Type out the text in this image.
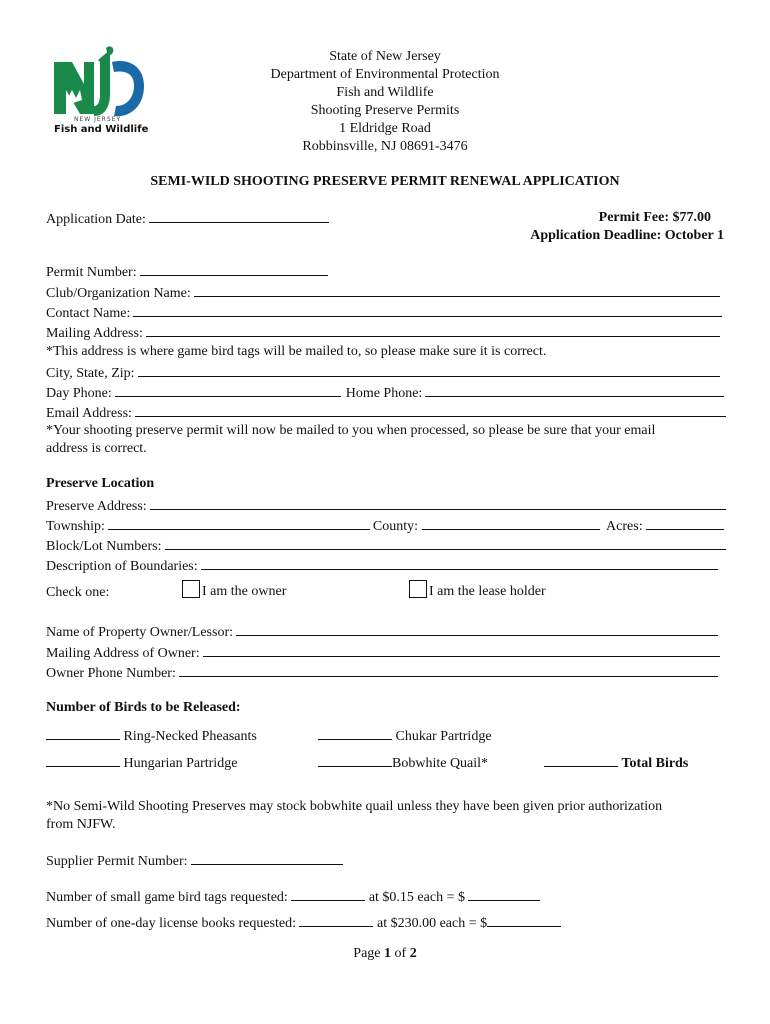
NEW JERSEY
Fish and Wildlife
State of New Jersey
Department of Environmental Protection
Fish and Wildlife
Shooting Preserve Permits
1 Eldridge Road
Robbinsville, NJ 08691-3476
SEMI-WILD SHOOTING PRESERVE PERMIT RENEWAL APPLICATION
Application Date:	Permit Fee: $77.00
Application Deadline: October 1
Permit Number:
Club/Organization Name:
Contact Name:
Mailing Address:
*This address is where game bird tags will be mailed to, so please make sure it is correct.
City, State, Zip:
Day Phone:	Home Phone:
Email Address:
*Your shooting preserve permit will now be mailed to you when processed, so please be sure that your email
address is correct.
Preserve Location
Preserve Address:
Township:	County:	Acres:
Block/Lot Numbers:
Description of Boundaries:
Check one:	I am the owner	I am the lease holder
Name of Property Owner/Lessor:
Mailing Address of Owner:
Owner Phone Number:
Number of Birds to be Released:
Ring-Necked Pheasants	Chukar Partridge
Hungarian Partridge	Bobwhite Quail*	Total Birds
*No Semi-Wild Shooting Preserves may stock bobwhite quail unless they have been given prior authorization
from NJFW.
Supplier Permit Number:
Number of small game bird tags requested:	at $0.15 each = $
Number of one-day license books requested:	at $230.00 each = $
Page 1 of 2
